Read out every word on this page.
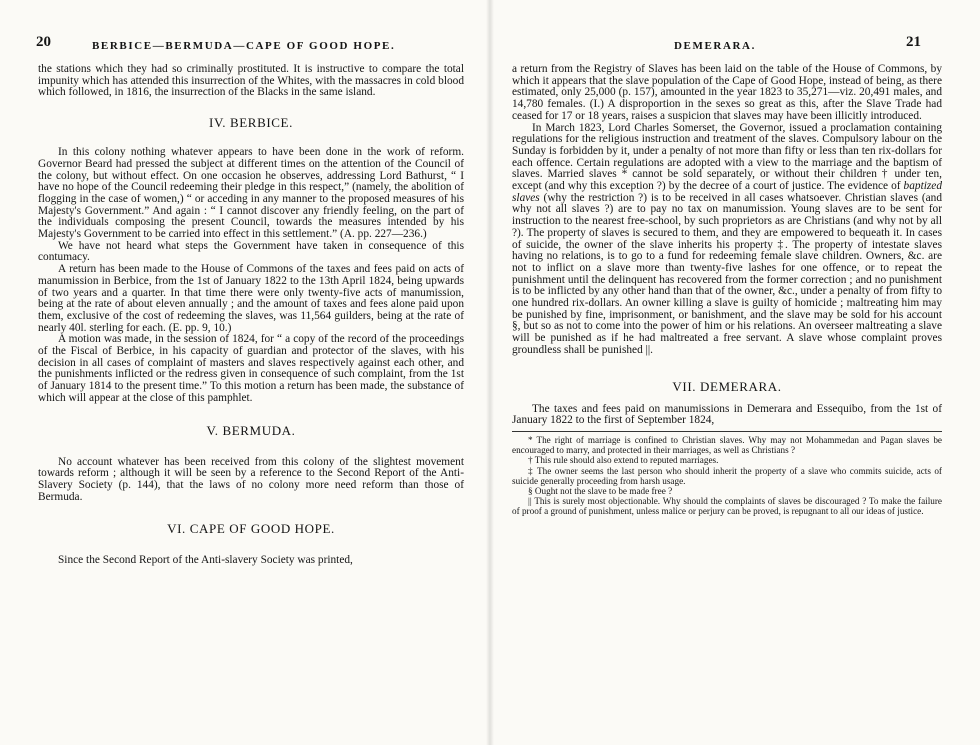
20	BERBICE—BERMUDA—CAPE OF GOOD HOPE.

the stations which they had so criminally prostituted. It is instructive to compare the total impunity which has attended this insurrection of the Whites, with the massacres in cold blood which followed, in 1816, the insurrection of the Blacks in the same island.

IV. BERBICE.

In this colony nothing whatever appears to have been done in the work of reform. Governor Beard had pressed the subject at different times on the attention of the Council of the colony, but without effect. On one occasion he observes, addressing Lord Bathurst, “ I have no hope of the Council redeeming their pledge in this respect,” (namely, the abolition of flogging in the case of women,) “ or acceding in any manner to the proposed measures of his Majesty's Government.” And again : “ I cannot discover any friendly feeling, on the part of the individuals composing the present Council, towards the measures intended by his Majesty's Government to be carried into effect in this settlement.” (A. pp. 227—236.)

We have not heard what steps the Government have taken in consequence of this contumacy.

A return has been made to the House of Commons of the taxes and fees paid on acts of manumission in Berbice, from the 1st of January 1822 to the 13th April 1824, being upwards of two years and a quarter. In that time there were only twenty-five acts of manumission, being at the rate of about eleven annually ; and the amount of taxes and fees alone paid upon them, exclusive of the cost of redeeming the slaves, was 11,564 guilders, being at the rate of nearly 40l. sterling for each. (E. pp. 9, 10.)

A motion was made, in the session of 1824, for “ a copy of the record of the proceedings of the Fiscal of Berbice, in his capacity of guardian and protector of the slaves, with his decision in all cases of complaint of masters and slaves respectively against each other, and the punishments inflicted or the redress given in consequence of such complaint, from the 1st of January 1814 to the present time.” To this motion a return has been made, the substance of which will appear at the close of this pamphlet.

V. BERMUDA.

No account whatever has been received from this colony of the slightest movement towards reform ; although it will be seen by a reference to the Second Report of the Anti-Slavery Society (p. 144), that the laws of no colony more need reform than those of Bermuda.

VI. CAPE OF GOOD HOPE.

Since the Second Report of the Anti-slavery Society was printed,

DEMERARA.	21

a return from the Registry of Slaves has been laid on the table of the House of Commons, by which it appears that the slave population of the Cape of Good Hope, instead of being, as there estimated, only 25,000 (p. 157), amounted in the year 1823 to 35,271—viz. 20,491 males, and 14,780 females. (I.) A disproportion in the sexes so great as this, after the Slave Trade had ceased for 17 or 18 years, raises a suspicion that slaves may have been illicitly introduced.

In March 1823, Lord Charles Somerset, the Governor, issued a proclamation containing regulations for the religious instruction and treatment of the slaves. Compulsory labour on the Sunday is forbidden by it, under a penalty of not more than fifty or less than ten rix-dollars for each offence. Certain regulations are adopted with a view to the marriage and the baptism of slaves. Married slaves * cannot be sold separately, or without their children † under ten, except (and why this exception ?) by the decree of a court of justice. The evidence of baptized slaves (why the restriction ?) is to be received in all cases whatsoever. Christian slaves (and why not all slaves ?) are to pay no tax on manumission. Young slaves are to be sent for instruction to the nearest free-school, by such proprietors as are Christians (and why not by all ?). The property of slaves is secured to them, and they are empowered to bequeath it. In cases of suicide, the owner of the slave inherits his property ‡. The property of intestate slaves having no relations, is to go to a fund for redeeming female slave children. Owners, &c. are not to inflict on a slave more than twenty-five lashes for one offence, or to repeat the punishment until the delinquent has recovered from the former correction ; and no punishment is to be inflicted by any other hand than that of the owner, &c., under a penalty of from fifty to one hundred rix-dollars. An owner killing a slave is guilty of homicide ; maltreating him may be punished by fine, imprisonment, or banishment, and the slave may be sold for his account §, but so as not to come into the power of him or his relations. An overseer maltreating a slave will be punished as if he had maltreated a free servant. A slave whose complaint proves groundless shall be punished ||.

VII. DEMERARA.

The taxes and fees paid on manumissions in Demerara and Essequibo, from the 1st of January 1822 to the first of September 1824,

* The right of marriage is confined to Christian slaves. Why may not Mohammedan and Pagan slaves be encouraged to marry, and protected in their marriages, as well as Christians ?

† This rule should also extend to reputed marriages.

‡ The owner seems the last person who should inherit the property of a slave who commits suicide, acts of suicide generally proceeding from harsh usage.

§ Ought not the slave to be made free ?

|| This is surely most objectionable. Why should the complaints of slaves be discouraged ? To make the failure of proof a ground of punishment, unless malice or perjury can be proved, is repugnant to all our ideas of justice.
